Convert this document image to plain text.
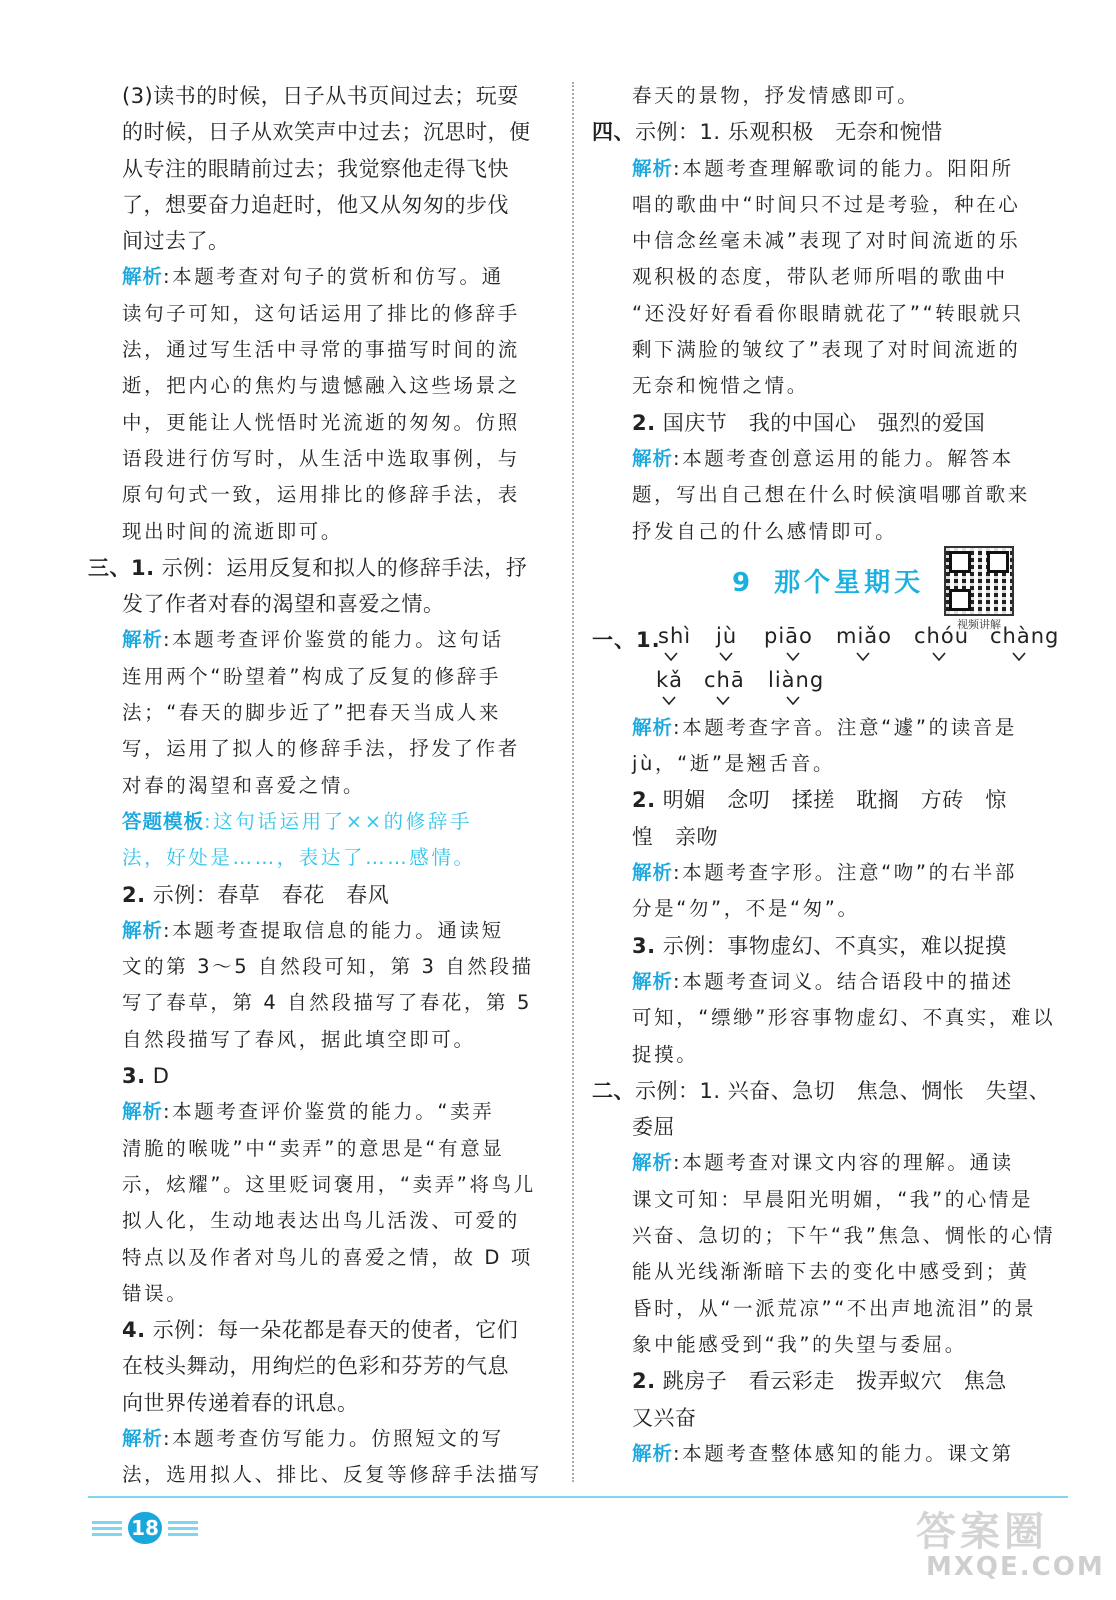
(3)读书的时候，日子从书页间过去；玩耍
的时候，日子从欢笑声中过去；沉思时，便
从专注的眼睛前过去；我觉察他走得飞快
了，想要奋力追赶时，他又从匆匆的步伐
间过去了。
解析:本题考查对句子的赏析和仿写。通
读句子可知，这句话运用了排比的修辞手
法，通过写生活中寻常的事描写时间的流
逝，把内心的焦灼与遗憾融入这些场景之
中，更能让人恍悟时光流逝的匆匆。仿照
语段进行仿写时，从生活中选取事例，与
原句句式一致，运用排比的修辞手法，表
现出时间的流逝即可。
三、1. 示例：运用反复和拟人的修辞手法，抒
发了作者对春的渴望和喜爱之情。
解析:本题考查评价鉴赏的能力。这句话
连用两个“盼望着”构成了反复的修辞手
法；“春天的脚步近了”把春天当成人来
写，运用了拟人的修辞手法，抒发了作者
对春的渴望和喜爱之情。
答题模板:这句话运用了××的修辞手
法，好处是……，表达了……感情。
2. 示例：春草　春花　春风
解析:本题考查提取信息的能力。通读短
文的第 3～5 自然段可知，第 3 自然段描
写了春草，第 4 自然段描写了春花，第 5
自然段描写了春风，据此填空即可。
3. D
解析:本题考查评价鉴赏的能力。“卖弄
清脆的喉咙”中“卖弄”的意思是“有意显
示，炫耀”。这里贬词褒用，“卖弄”将鸟儿
拟人化，生动地表达出鸟儿活泼、可爱的
特点以及作者对鸟儿的喜爱之情，故 D 项
错误。
4. 示例：每一朵花都是春天的使者，它们
在枝头舞动，用绚烂的色彩和芬芳的气息
向世界传递着春的讯息。
解析:本题考查仿写能力。仿照短文的写
法，选用拟人、排比、反复等修辞手法描写
春天的景物，抒发情感即可。
四、示例：1. 乐观积极　无奈和惋惜
解析:本题考查理解歌词的能力。阳阳所
唱的歌曲中“时间只不过是考验，种在心
中信念丝毫未减”表现了对时间流逝的乐
观积极的态度，带队老师所唱的歌曲中
“还没好好看看你眼睛就花了”“转眼就只
剩下满脸的皱纹了”表现了对时间流逝的
无奈和惋惜之情。
2. 国庆节　我的中国心　强烈的爱国
解析:本题考查创意运用的能力。解答本
题，写出自己想在什么时候演唱哪首歌来
抒发自己的什么感情即可。
9 那个星期天
视频讲解
一、1.
shì jù piāo miǎo chóu chàng
kǎ chā liàng
解析:本题考查字音。注意“遽”的读音是
jù，“逝”是翘舌音。
2. 明媚　念叨　揉搓　耽搁　方砖　惊
惶　亲吻
解析:本题考查字形。注意“吻”的右半部
分是“勿”，不是“匆”。
3. 示例：事物虚幻、不真实，难以捉摸
解析:本题考查词义。结合语段中的描述
可知，“缥缈”形容事物虚幻、不真实，难以
捉摸。
二、示例：1. 兴奋、急切　焦急、惆怅　失望、
委屈
解析:本题考查对课文内容的理解。通读
课文可知：早晨阳光明媚，“我”的心情是
兴奋、急切的；下午“我”焦急、惆怅的心情
能从光线渐渐暗下去的变化中感受到；黄
昏时，从“一派荒凉”“不出声地流泪”的景
象中能感受到“我”的失望与委屈。
2. 跳房子　看云彩走　拨弄蚁穴　焦急
又兴奋
解析:本题考查整体感知的能力。课文第
18	答案圈
MXQE.COM
